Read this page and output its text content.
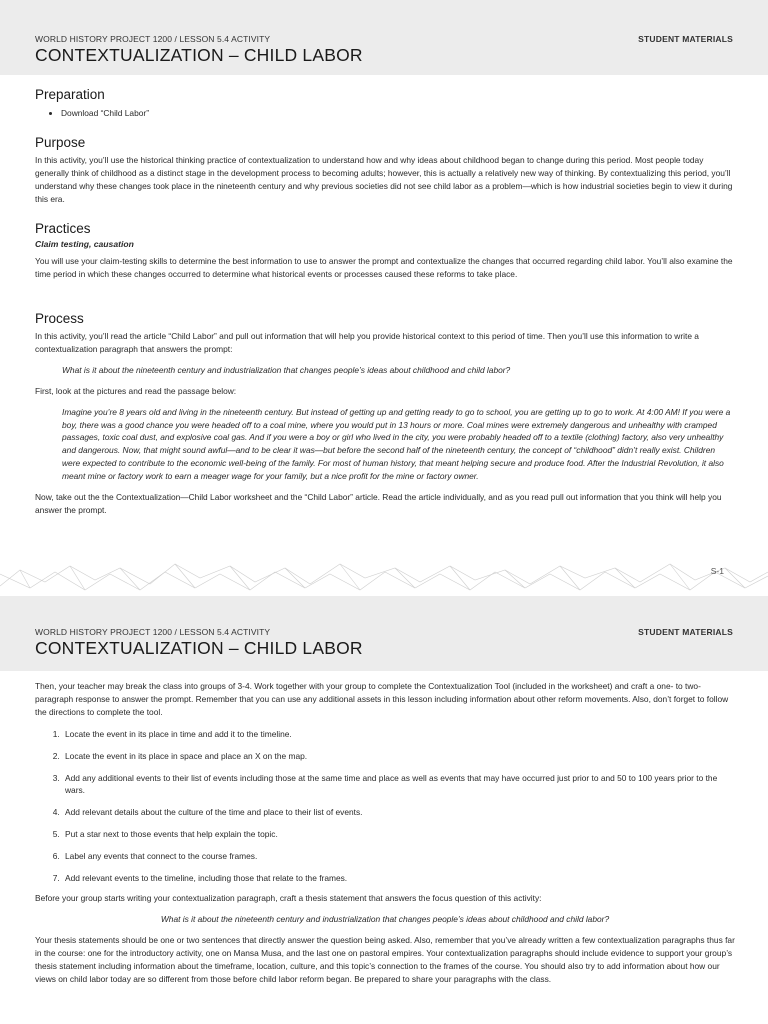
WORLD HISTORY PROJECT 1200 / LESSON 5.4 ACTIVITY	STUDENT MATERIALS
CONTEXTUALIZATION – CHILD LABOR
Preparation
• Download “Child Labor”
Purpose

In this activity, you’ll use the historical thinking practice of contextualization to understand how and why ideas about childhood began to change during this period. Most people today generally think of childhood as a distinct stage in the development process to becoming adults; however, this is actually a relatively new way of thinking. By contextualizing this period, you’ll understand why these changes took place in the nineteenth century and why previous societies did not see child labor as a problem—which is how industrial societies begin to view it during this era.

Practices

Claim testing, causation

You will use your claim-testing skills to determine the best information to use to answer the prompt and contextualize the changes that occurred regarding child labor. You’ll also examine the time period in which these changes occurred to determine what historical events or processes caused these reforms to take place.

Process

In this activity, you’ll read the article “Child Labor” and pull out information that will help you provide historical context to this period of time. Then you’ll use this information to write a contextualization paragraph that answers the prompt:

What is it about the nineteenth century and industrialization that changes people’s ideas about childhood and child labor?

First, look at the pictures and read the passage below:

Imagine you’re 8 years old and living in the nineteenth century. But instead of getting up and getting ready to go to school, you are getting up to go to work. At 4:00 AM! If you were a boy, there was a good chance you were headed off to a coal mine, where you would put in 13 hours or more. Coal mines were extremely dangerous and unhealthy with cramped passages, toxic coal dust, and explosive coal gas. And if you were a boy or girl who lived in the city, you were probably headed off to a textile (clothing) factory, also very unhealthy and dangerous. Now, that might sound awful—and to be clear it was—but before the second half of the nineteenth century, the concept of “childhood” didn’t really exist. Children were expected to contribute to the economic well-being of the family. For most of human history, that meant helping secure and produce food. After the Industrial Revolution, it also meant mine or factory work to earn a meager wage for your family, but a nice profit for the mine or factory owner.

Now, take out the the Contextualization—Child Labor worksheet and the “Child Labor” article. Read the article individually, and as you read pull out information that you think will help you answer the prompt.

S-1
WORLD HISTORY PROJECT 1200 / LESSON 5.4 ACTIVITY	STUDENT MATERIALS
CONTEXTUALIZATION – CHILD LABOR

Then, your teacher may break the class into groups of 3-4. Work together with your group to complete the Contextualization Tool (included in the worksheet) and craft a one- to two-paragraph response to answer the prompt. Remember that you can use any additional assets in this lesson including information about other reform movements. Also, don’t forget to follow the directions to complete the tool.

1. Locate the event in its place in time and add it to the timeline.
2. Locate the event in its place in space and place an X on the map.
3. Add any additional events to their list of events including those at the same time and place as well as events that may have occurred just prior to and 50 to 100 years prior to the wars.
4. Add relevant details about the culture of the time and place to their list of events.
5. Put a star next to those events that help explain the topic.
6. Label any events that connect to the course frames.
7. Add relevant events to the timeline, including those that relate to the frames.

Before your group starts writing your contextualization paragraph, craft a thesis statement that answers the focus question of this activity:

What is it about the nineteenth century and industrialization that changes people’s ideas about childhood and child labor?

Your thesis statements should be one or two sentences that directly answer the question being asked. Also, remember that you’ve already written a few contextualization paragraphs thus far in the course: one for the introductory activity, one on Mansa Musa, and the last one on pastoral empires. Your contextualization paragraphs should include evidence to support your group’s thesis statement including information about the timeframe, location, culture, and this topic’s connection to the frames of the course. You should also try to add information about how our views on child labor today are so different from those before child labor reform began. Be prepared to share your paragraphs with the class.
